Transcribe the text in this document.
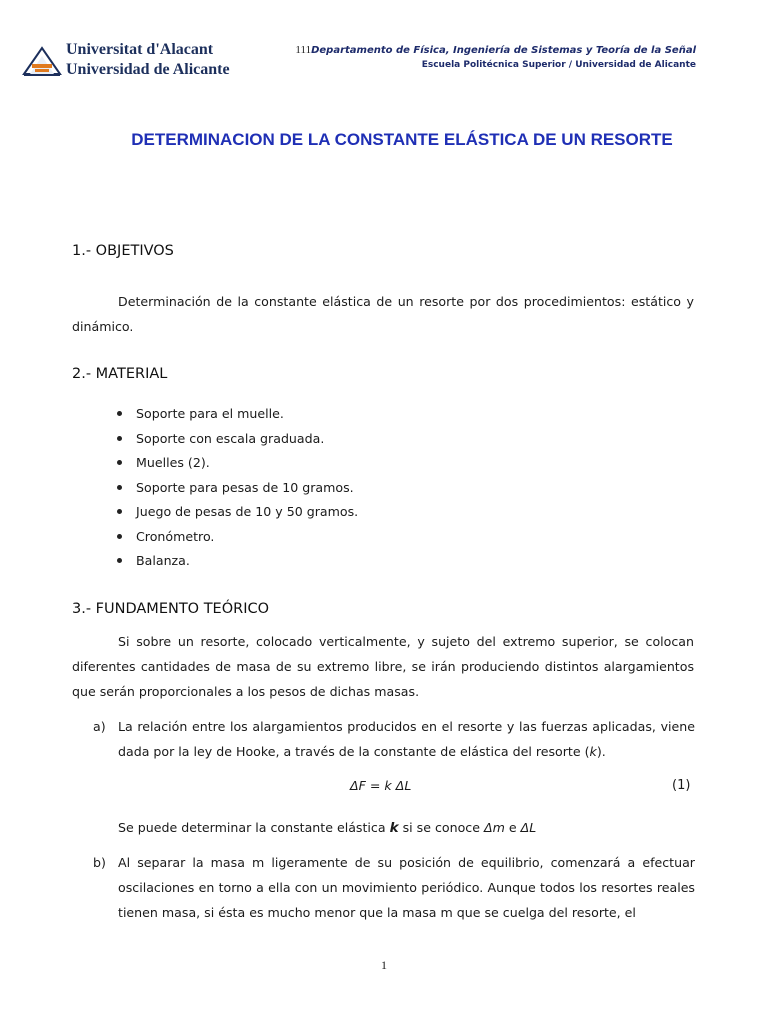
Universitat d'Alacant
Universidad de Alicante
111Departamento de Física, Ingeniería de Sistemas y Teoría de la Señal
Escuela Politécnica Superior / Universidad de Alicante
DETERMINACION DE LA CONSTANTE ELÁSTICA DE UN RESORTE
1.- OBJETIVOS

Determinación de la constante elástica de un resorte por dos procedimientos: estático y dinámico.

2.- MATERIAL
Soporte para el muelle.
Soporte con escala graduada.
Muelles (2).
Soporte para pesas de 10 gramos.
Juego de pesas de 10 y 50 gramos.
Cronómetro.
Balanza.
3.- FUNDAMENTO TEÓRICO

Si sobre un resorte, colocado verticalmente, y sujeto del extremo superior, se colocan diferentes cantidades de masa de su extremo libre, se irán produciendo distintos alargamientos que serán proporcionales a los pesos de dichas masas.

a) La relación entre los alargamientos producidos en el resorte y las fuerzas aplicadas, viene dada por la ley de Hooke, a través de la constante de elástica del resorte (k).
ΔF = k ΔL	(1)
Se puede determinar la constante elástica k si se conoce Δm e ΔL
b) Al separar la masa m ligeramente de su posición de equilibrio, comenzará a efectuar oscilaciones en torno a ella con un movimiento periódico. Aunque todos los resortes reales tienen masa, si ésta es mucho menor que la masa m que se cuelga del resorte, el
1
